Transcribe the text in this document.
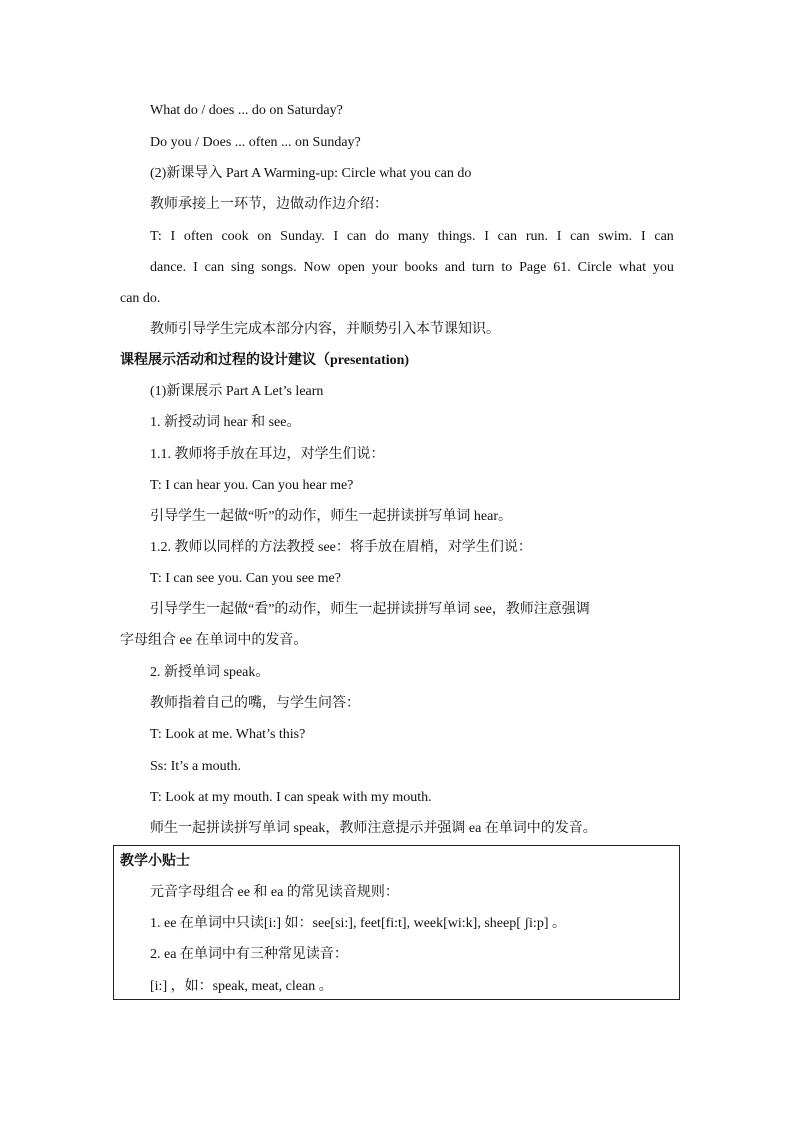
What do / does ... do on Saturday?
Do you / Does ... often ... on Sunday?
(2)新课导入 Part A Warming-up: Circle what you can do
教师承接上一环节，边做动作边介绍：
T: I often cook on Sunday. I can do many things. I can run. I can swim. I can
dance. I can sing songs. Now open your books and turn to Page 61. Circle what you
can do.
教师引导学生完成本部分内容，并顺势引入本节课知识。
课程展示活动和过程的设计建议（presentation)
(1)新课展示 Part A Let’s learn
1. 新授动词 hear 和 see。
1.1. 教师将手放在耳边，对学生们说：
T: I can hear you. Can you hear me?
引导学生一起做“听”的动作，师生一起拼读拼写单词 hear。
1.2. 教师以同样的方法教授 see：将手放在眉梢，对学生们说：
T: I can see you. Can you see me?
引导学生一起做“看”的动作，师生一起拼读拼写单词 see，教师注意强调
字母组合 ee 在单词中的发音。
2. 新授单词 speak。
教师指着自己的嘴，与学生问答：
T: Look at me. What’s this?
Ss: It’s a mouth.
T: Look at my mouth. I can speak with my mouth.
师生一起拼读拼写单词 speak，教师注意提示并强调 ea 在单词中的发音。
教学小贴士
元音字母组合 ee 和 ea 的常见读音规则：
1. ee 在单词中只读[i:] 如：see[si:], feet[fi:t], week[wi:k], sheep[ ʃi:p] 。
2. ea 在单词中有三种常见读音：
[i:] ，如：speak, meat, clean 。
